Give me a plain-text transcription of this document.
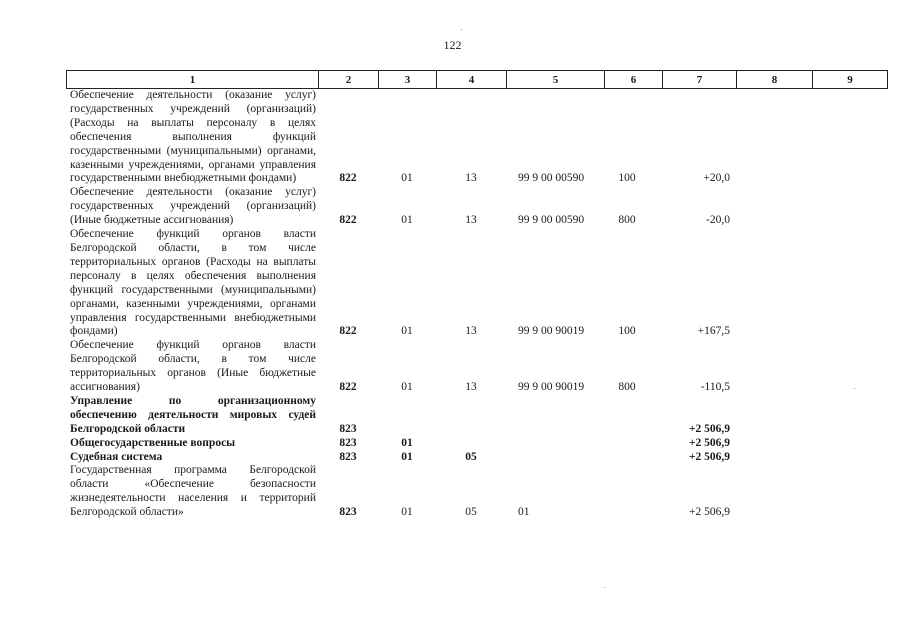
122
1	2	3	4	5	6	7	8	9
Обеспечение деятельности (оказание услуг) государственных учреждений (организаций) (Расходы на выплаты персоналу в целях обеспечения выполнения функций государственными (муниципальными) органами, казенными учреждениями, органами управления государственными внебюджетными фондами)	822	01	13	99 9 00 00590	100	+20,0		
Обеспечение деятельности (оказание услуг) государственных учреждений (организаций) (Иные бюджетные ассигнования)	822	01	13	99 9 00 00590	800	-20,0		
Обеспечение функций органов власти Белгородской области, в том числе территориальных органов (Расходы на выплаты персоналу в целях обеспечения выполнения функций государственными (муниципальными) органами, казенными учреждениями, органами управления государственными внебюджетными фондами)	822	01	13	99 9 00 90019	100	+167,5		
Обеспечение функций органов власти Белгородской области, в том числе территориальных органов (Иные бюджетные ассигнования)	822	01	13	99 9 00 90019	800	-110,5		
Управление по организационному обеспечению деятельности мировых судей Белгородской области	823					+2 506,9		
Общегосударственные вопросы	823	01				+2 506,9		
Судебная система	823	01	05			+2 506,9		
Государственная программа Белгородской области «Обеспечение безопасности жизнедеятельности населения и территорий Белгородской области»	823	01	05	01		+2 506,9		
